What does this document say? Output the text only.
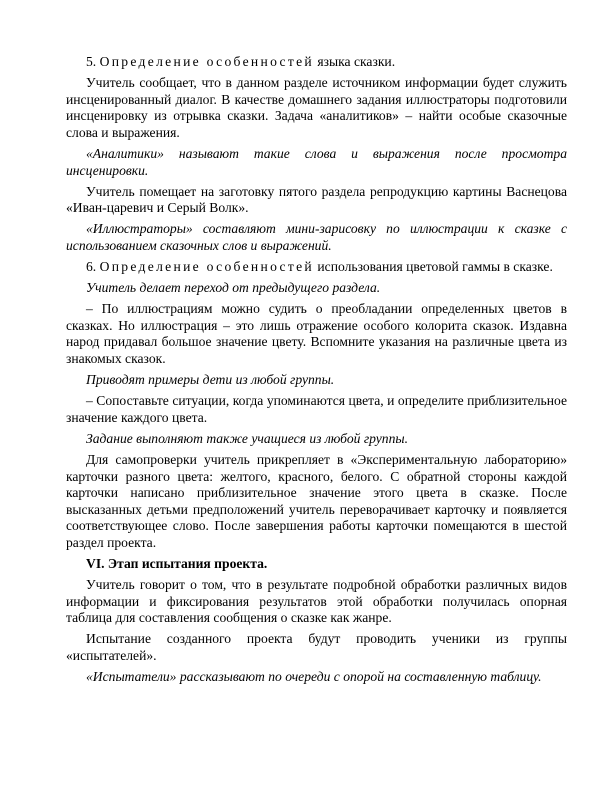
5. Определение особенностей языка сказки.

Учитель сообщает, что в данном разделе источником информации будет служить инсценированный диалог. В качестве домашнего задания иллюстраторы подготовили инсценировку из отрывка сказки. Задача «аналитиков» – найти особые сказочные слова и выражения.

«Аналитики» называют такие слова и выражения после просмотра инсценировки.

Учитель помещает на заготовку пятого раздела репродукцию картины Васнецова «Иван-царевич и Серый Волк».

«Иллюстраторы» составляют мини-зарисовку по иллюстрации к сказке с использованием сказочных слов и выражений.

6. Определение особенностей использования цветовой гаммы в сказке.

Учитель делает переход от предыдущего раздела.

– По иллюстрациям можно судить о преобладании определенных цветов в сказках. Но иллюстрация – это лишь отражение особого колорита сказок. Издавна народ придавал большое значение цвету. Вспомните указания на различные цвета из знакомых сказок.

Приводят примеры дети из любой группы.

– Сопоставьте ситуации, когда упоминаются цвета, и определите приблизительное значение каждого цвета.

Задание выполняют также учащиеся из любой группы.

Для самопроверки учитель прикрепляет в «Экспериментальную лабораторию» карточки разного цвета: желтого, красного, белого. С обратной стороны каждой карточки написано приблизительное значение этого цвета в сказке. После высказанных детьми предположений учитель переворачивает карточку и появляется соответствующее слово. После завершения работы карточки помещаются в шестой раздел проекта.

VI. Этап испытания проекта.

Учитель говорит о том, что в результате подробной обработки различных видов информации и фиксирования результатов этой обработки получилась опорная таблица для составления сообщения о сказке как жанре.

Испытание созданного проекта будут проводить ученики из группы «испытателей».

«Испытатели» рассказывают по очереди с опорой на составленную таблицу.
